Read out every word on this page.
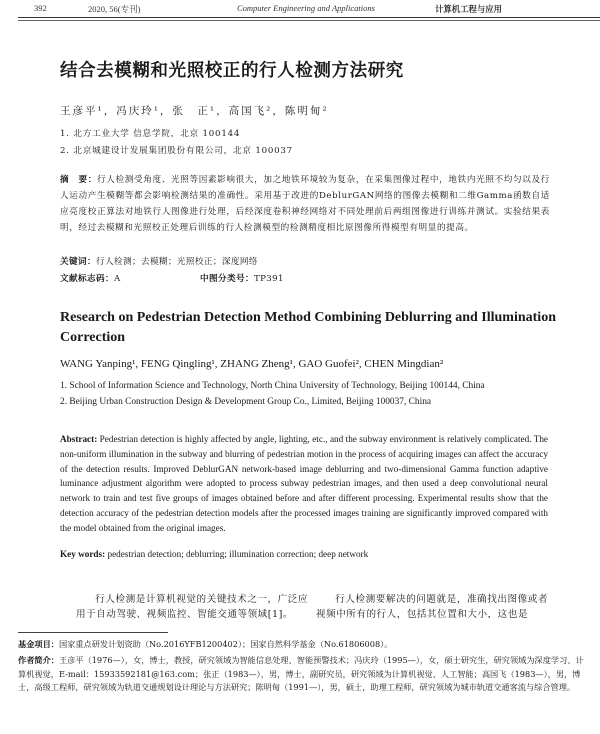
392	2020, 56(专刊)	Computer Engineering and Applications	计算机工程与应用
结合去模糊和光照校正的行人检测方法研究
王彦平¹，冯庆玲¹，张　正¹，高国飞²，陈明甸²
1. 北方工业大学 信息学院，北京 100144
2. 北京城建设计发展集团股份有限公司，北京 100037
摘　要：行人检测受角度、光照等因素影响很大，加之地铁环境较为复杂，在采集图像过程中，地铁内光照不均匀以及行人运动产生模糊等都会影响检测结果的准确性。采用基于改进的DeblurGAN网络的图像去模糊和二维Gamma函数自适应亮度校正算法对地铁行人图像进行处理，后经深度卷积神经网络对不同处理前后两组图像进行训练并测试。实验结果表明，经过去模糊和光照校正处理后训练的行人检测模型的检测精度相比原图像所得模型有明显的提高。
关键词：行人检测；去模糊；光照校正；深度网络
文献标志码：A	中图分类号：TP391
Research on Pedestrian Detection Method Combining Deblurring and Illumination Correction
WANG Yanping¹, FENG Qingling¹, ZHANG Zheng¹, GAO Guofei², CHEN Mingdian²
1. School of Information Science and Technology, North China University of Technology, Beijing 100144, China
2. Beijing Urban Construction Design & Development Group Co., Limited, Beijing 100037, China
Abstract: Pedestrian detection is highly affected by angle, lighting, etc., and the subway environment is relatively complicated. The non-uniform illumination in the subway and blurring of pedestrian motion in the process of acquiring images can affect the accuracy of the detection results. Improved DeblurGAN network-based image deblurring and two-dimensional Gamma function adaptive luminance adjustment algorithm were adopted to process subway pedestrian images, and then used a deep convolutional neural network to train and test five groups of images obtained before and after different processing. Experimental results show that the detection accuracy of the pedestrian detection models after the processed images training are significantly improved compared with the model obtained from the original images.
Key words: pedestrian detection; deblurring; illumination correction; deep network
行人检测是计算机视觉的关键技术之一，广泛应用于自动驾驶、视频监控、智能交通等领域[1]。
行人检测要解决的问题就是，准确找出图像或者视频中所有的行人，包括其位置和大小，这也是
基金项目：国家重点研发计划资助（No.2016YFB1200402）；国家自然科学基金（No.61806008）。
作者简介：王彦平（1976—），女，博士，教授，研究领域为智能信息处理、智能预警技术；冯庆玲（1995—），女，硕士研究生，研究领域为深度学习、计算机视觉，E-mail：15933592181@163.com；张正（1983—），男，博士，副研究员，研究领域为计算机视觉、人工智能；高国飞（1983—），男，博士，高级工程师，研究领域为轨道交通规划设计理论与方法研究；陈明甸（1991—），男，硕士，助理工程师，研究领域为城市轨道交通客流与综合管理。
